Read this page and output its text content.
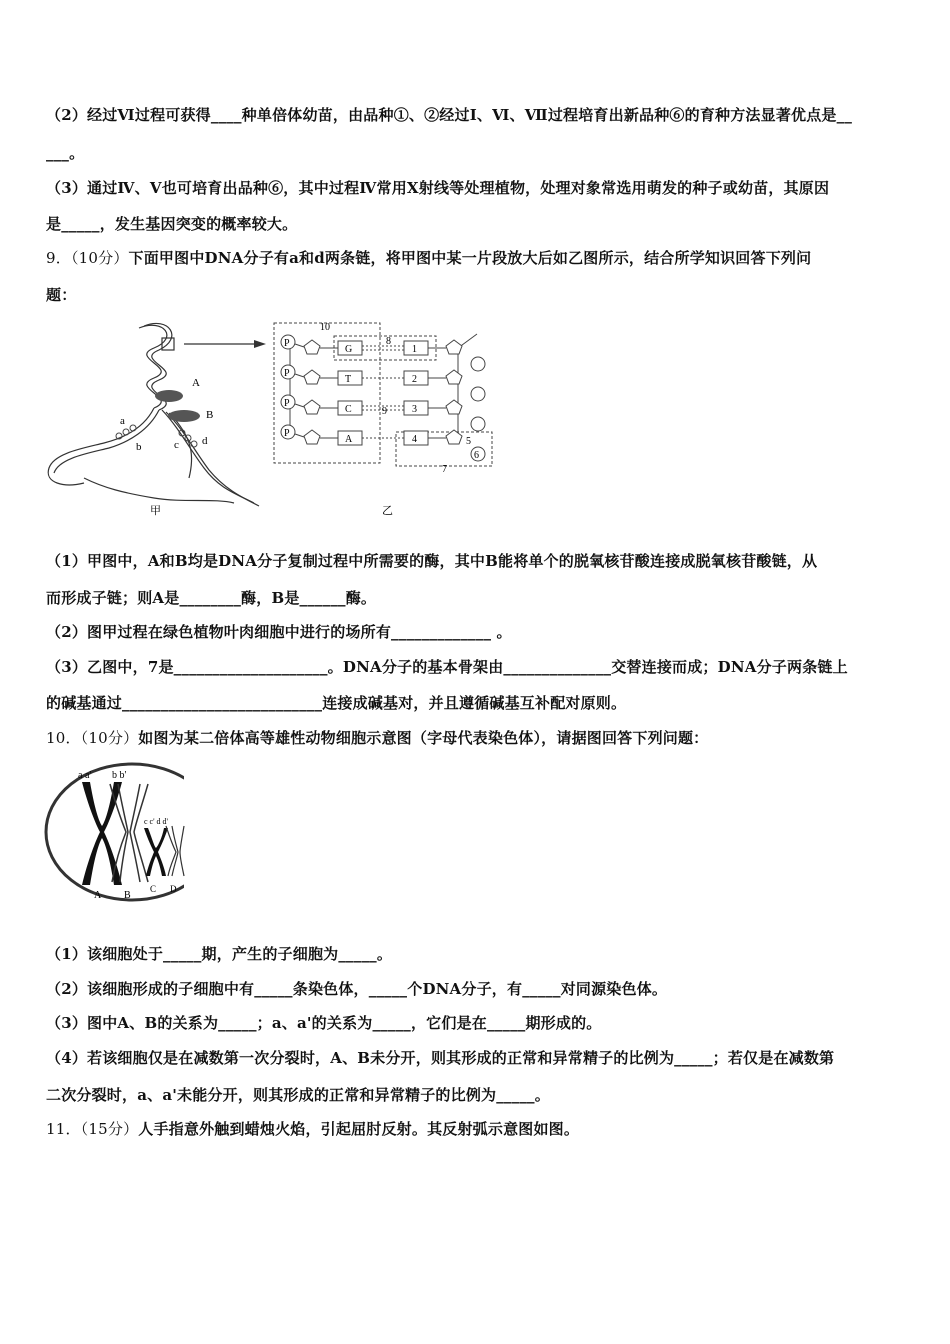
（2）经过Ⅵ过程可获得____种单倍体幼苗，由品种①、②经过Ⅰ、Ⅵ、Ⅶ过程培育出新品种⑥的育种方法显著优点是__
___。
（3）通过Ⅳ、Ⅴ也可培育出品种⑥，其中过程Ⅳ常用X射线等处理植物，处理对象常选用萌发的种子或幼苗，其原因
是_____，发生基因突变的概率较大。
9．（10分）下面甲图中DNA分子有a和d两条链，将甲图中某一片段放大后如乙图所示，结合所学知识回答下列问
题：
A
B
a
b	c d
甲
P
P
P
P
G
T
C
A
1
2
3
4
6
10
8
9
5
7
乙
（1）甲图中，A和B均是DNA分子复制过程中所需要的酶，其中B能将单个的脱氧核苷酸连接成脱氧核苷酸链，从
而形成子链；则A是________酶，B是______酶。
（2）图甲过程在绿色植物叶肉细胞中进行的场所有_____________ 。
（3）乙图中，7是____________________。DNA分子的基本骨架由______________交替连接而成；DNA分子两条链上
的碱基通过__________________________连接成碱基对，并且遵循碱基互补配对原则。
10．（10分）如图为某二倍体高等雄性动物细胞示意图（字母代表染色体），请据图回答下列问题：
a a' b b'
c c' d d'
A B
C D
（1）该细胞处于_____期，产生的子细胞为_____。
（2）该细胞形成的子细胞中有_____条染色体，_____个DNA分子，有_____对同源染色体。
（3）图中A、B的关系为_____；a、a'的关系为_____，它们是在_____期形成的。
（4）若该细胞仅是在减数第一次分裂时，A、B未分开，则其形成的正常和异常精子的比例为_____；若仅是在减数第
二次分裂时，a、a'未能分开，则其形成的正常和异常精子的比例为_____。
11．（15分）人手指意外触到蜡烛火焰，引起屈肘反射。其反射弧示意图如图。
